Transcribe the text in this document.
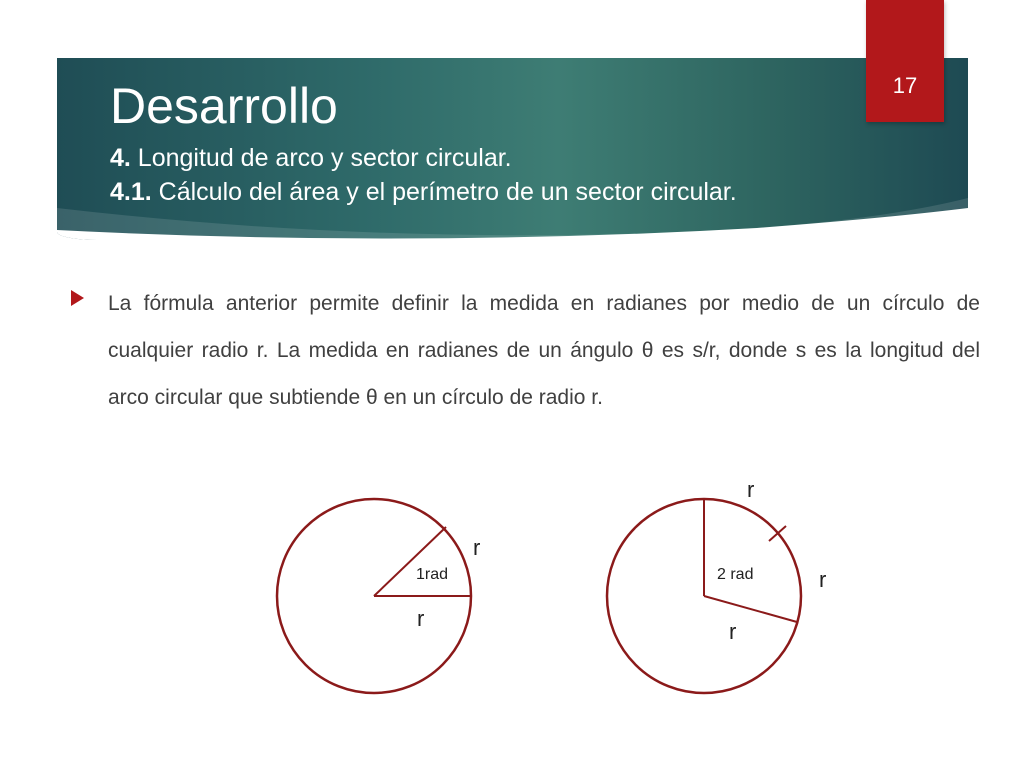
Desarrollo
4. Longitud de arco y sector circular.
4.1. Cálculo del área y el perímetro de un sector circular.
17

La fórmula anterior permite definir la medida en radianes por medio de un círculo de cualquier radio r. La medida en radianes de un ángulo θ es s/r, donde s es la longitud del arco circular que subtiende θ en un círculo de radio r.

1rad
r
r
2 rad
r
r
r
